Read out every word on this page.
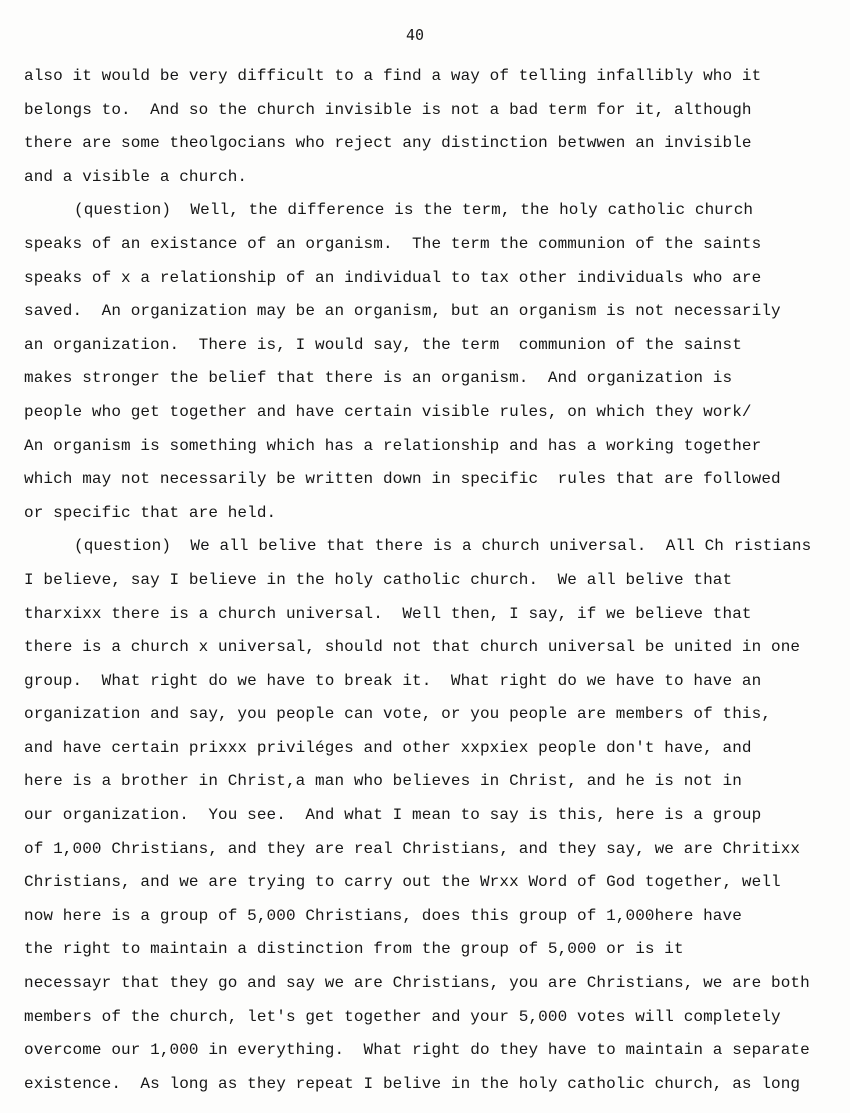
40
also it would be very difficult to a find a way of telling infallibly who it
belongs to.  And so the church invisible is not a bad term for it, although
there are some theolgocians who reject any distinction betwwen an invisible
and a visible a church.
(question)  Well, the difference is the term, the holy catholic church
speaks of an existance of an organism.  The term the communion of the saints
speaks of x a relationship of an individual to tax other individuals who are
saved.  An organization may be an organism, but an organism is not necessarily
an organization.  There is, I would say, the term  communion of the sainst
makes stronger the belief that there is an organism.  And organization is
people who get together and have certain visible rules, on which they work/
An organism is something which has a relationship and has a working together
which may not necessarily be written down in specific  rules that are followed
or specific that are held.
(question)  We all belive that there is a church universal.  All Ch ristians
I believe, say I believe in the holy catholic church.  We all belive that
tharxixx there is a church universal.  Well then, I say, if we believe that
there is a church x universal, should not that church universal be united in one
group.  What right do we have to break it.  What right do we have to have an
organization and say, you people can vote, or you people are members of this,
and have certain prixxx priviléges and other xxpxiex people don't have, and
here is a brother in Christ,a man who believes in Christ, and he is not in
our organization.  You see.  And what I mean to say is this, here is a group
of 1,000 Christians, and they are real Christians, and they say, we are Chritixx
Christians, and we are trying to carry out the Wrxx Word of God together, well
now here is a group of 5,000 Christians, does this group of 1,000here have
the right to maintain a distinction from the group of 5,000 or is it
necessayr that they go and say we are Christians, you are Christians, we are both
members of the church, let's get together and your 5,000 votes will completely
overcome our 1,000 in everything.  What right do they have to maintain a separate
existence.  As long as they repeat I belive in the holy catholic church, as long
